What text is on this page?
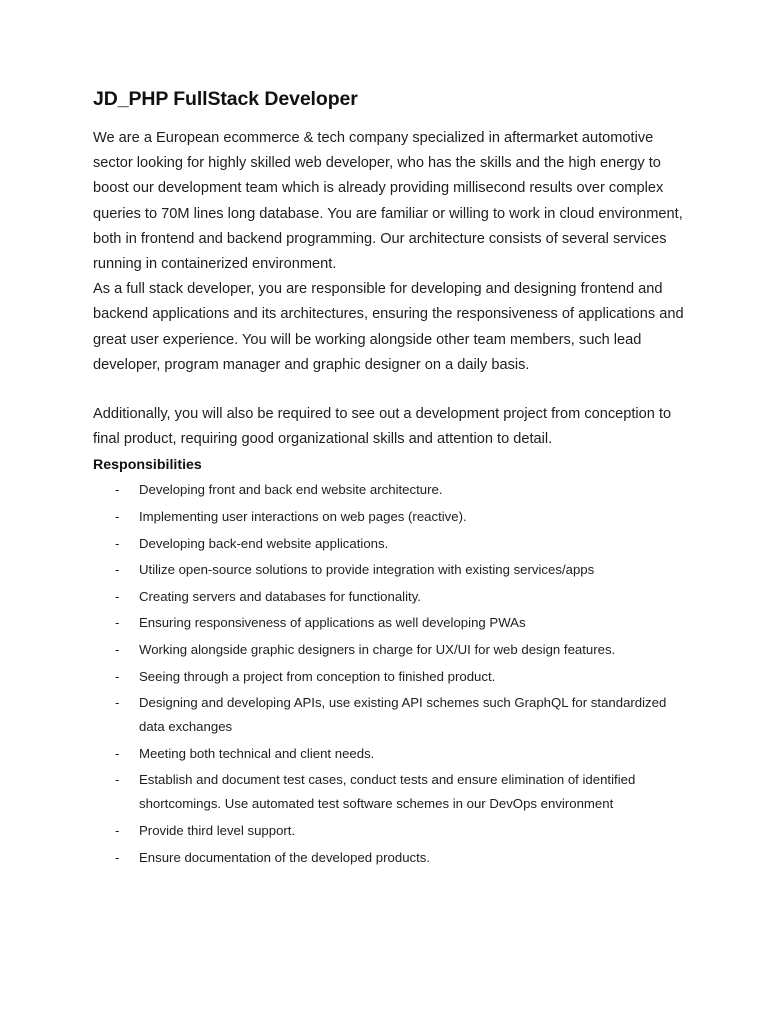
JD_PHP FullStack Developer

We are a European ecommerce & tech company specialized in aftermarket automotive sector looking for highly skilled web developer, who has the skills and the high energy to boost our development team which is already providing millisecond results over complex queries to 70M lines long database. You are familiar or willing to work in cloud environment, both in frontend and backend programming. Our architecture consists of several services running in containerized environment.

As a full stack developer, you are responsible for developing and designing frontend and backend applications and its architectures, ensuring the responsiveness of applications and great user experience. You will be working alongside other team members, such lead developer, program manager and graphic designer on a daily basis.

Additionally, you will also be required to see out a development project from conception to final product, requiring good organizational skills and attention to detail.

Responsibilities
- Developing front and back end website architecture.
- Implementing user interactions on web pages (reactive).
- Developing back-end website applications.
- Utilize open-source solutions to provide integration with existing services/apps
- Creating servers and databases for functionality.
- Ensuring responsiveness of applications as well developing PWAs
- Working alongside graphic designers in charge for UX/UI for web design features.
- Seeing through a project from conception to finished product.
- Designing and developing APIs, use existing API schemes such GraphQL for standardized data exchanges
- Meeting both technical and client needs.
- Establish and document test cases, conduct tests and ensure elimination of identified shortcomings. Use automated test software schemes in our DevOps environment
- Provide third level support.
- Ensure documentation of the developed products.
